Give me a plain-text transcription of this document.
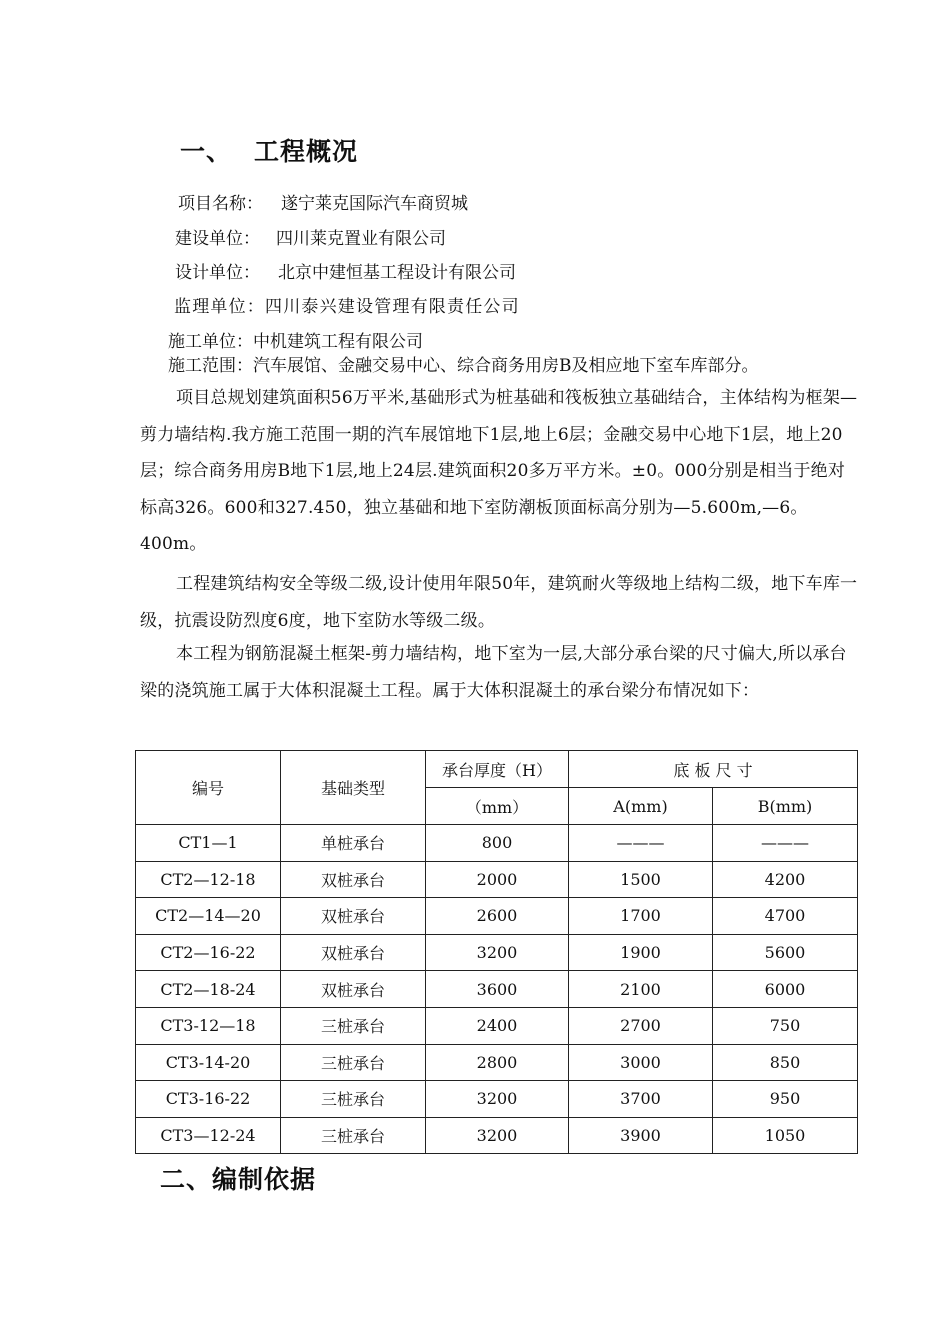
一、 工程概况
项目名称： 遂宁莱克国际汽车商贸城
建设单位： 四川莱克置业有限公司
设计单位： 北京中建恒基工程设计有限公司
监理单位：四川泰兴建设管理有限责任公司
施工单位：中机建筑工程有限公司
施工范围：汽车展馆、金融交易中心、综合商务用房B及相应地下室车库部分。

项目总规划建筑面积56万平米,基础形式为桩基础和筏板独立基础结合，主体结构为框架—剪力墙结构.我方施工范围一期的汽车展馆地下1层,地上6层；金融交易中心地下1层，地上20层；综合商务用房B地下1层,地上24层.建筑面积20多万平方米。±0。000分别是相当于绝对标高326。600和327.450，独立基础和地下室防潮板顶面标高分别为—5.600m,—6。400m。

工程建筑结构安全等级二级,设计使用年限50年，建筑耐火等级地上结构二级，地下车库一级，抗震设防烈度6度，地下室防水等级二级。

本工程为钢筋混凝土框架-剪力墙结构，地下室为一层,大部分承台梁的尺寸偏大,所以承台梁的浇筑施工属于大体积混凝土工程。属于大体积混凝土的承台梁分布情况如下：

编号	基础类型	承台厚度（H）	底 板 尺 寸	
		（mm）	A(mm)	B(mm)
CT1—1	单桩承台	800	———	———
CT2—12-18	双桩承台	2000	1500	4200
CT2—14—20	双桩承台	2600	1700	4700
CT2—16-22	双桩承台	3200	1900	5600
CT2—18-24	双桩承台	3600	2100	6000
CT3-12—18	三桩承台	2400	2700	750
CT3-14-20	三桩承台	2800	3000	850
CT3-16-22	三桩承台	3200	3700	950
CT3—12-24	三桩承台	3200	3900	1050
二、编制依据
